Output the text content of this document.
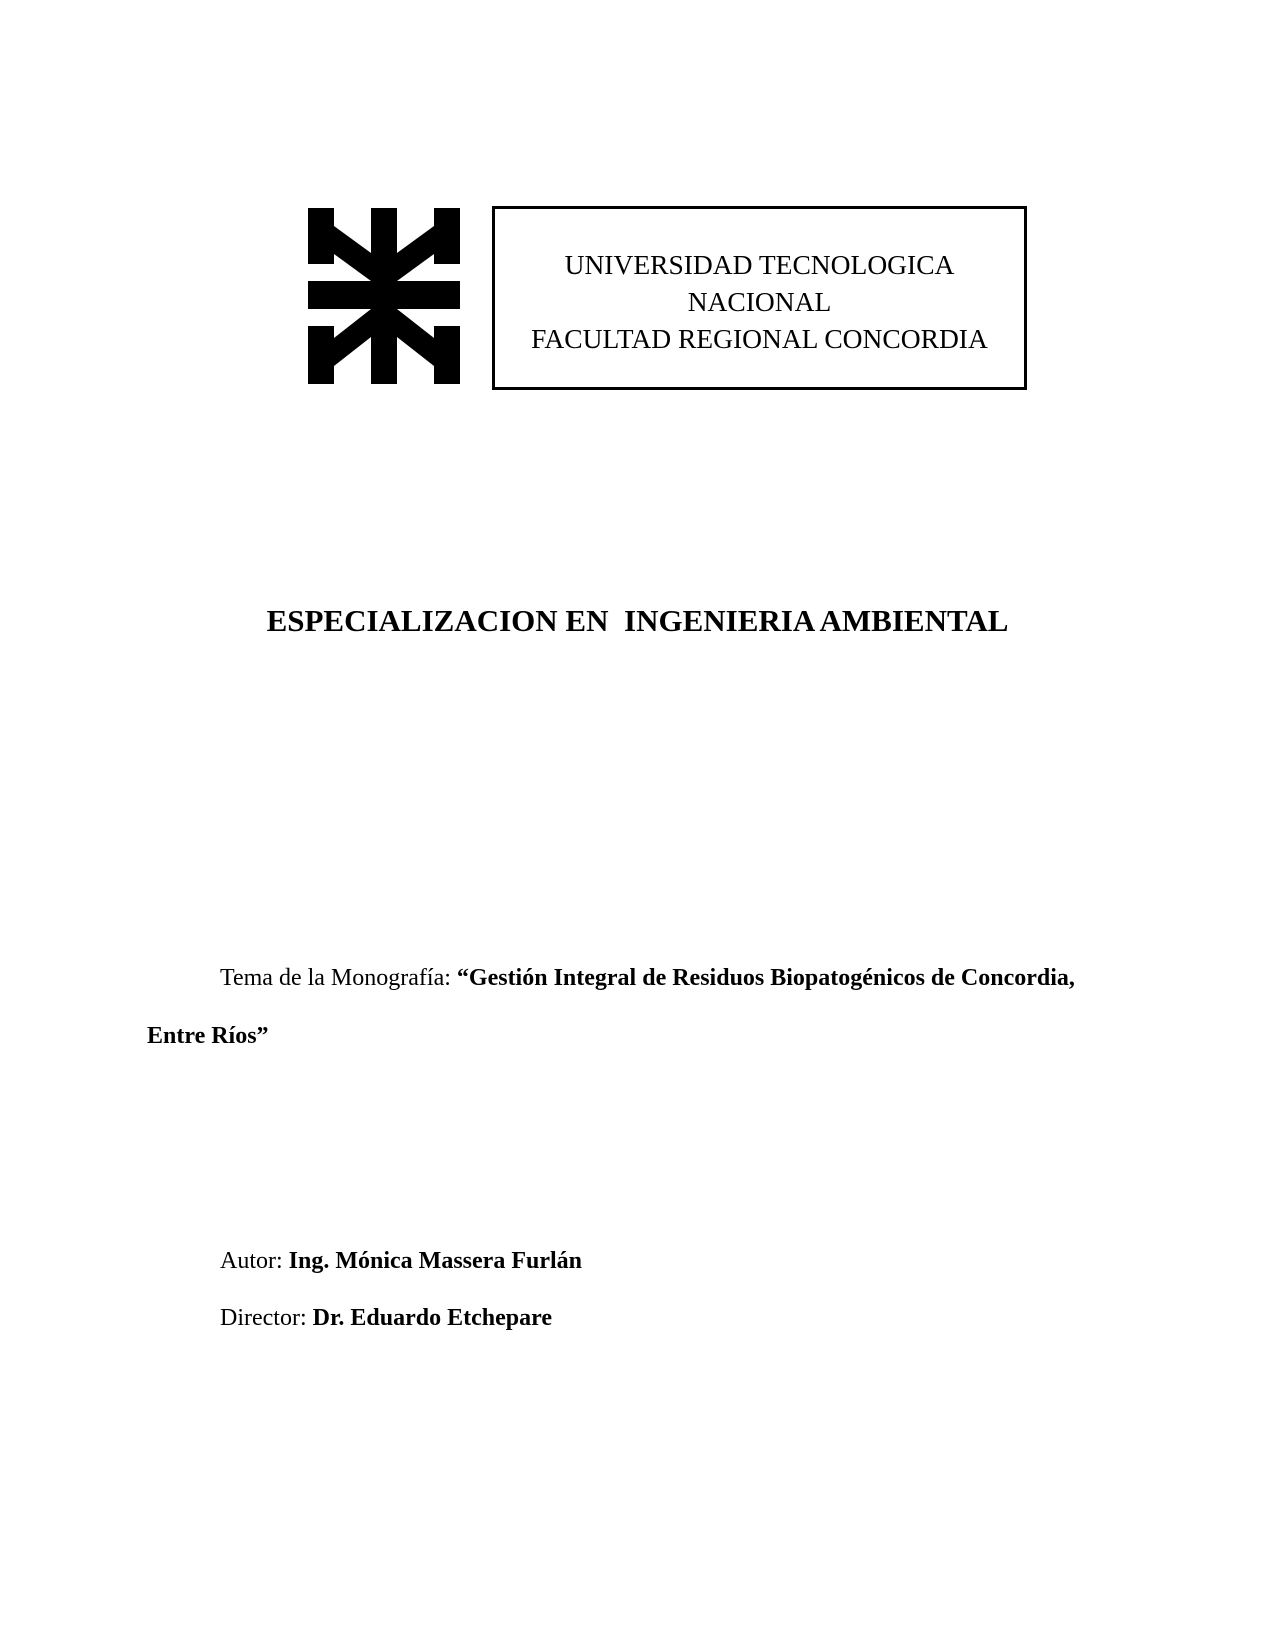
UNIVERSIDAD TECNOLOGICA
NACIONAL
FACULTAD REGIONAL CONCORDIA
ESPECIALIZACION EN  INGENIERIA AMBIENTAL
Tema de la Monografía: “Gestión Integral de Residuos Biopatogénicos de Concordia,
Entre Ríos”
Autor: Ing. Mónica Massera Furlán
Director: Dr. Eduardo Etchepare
